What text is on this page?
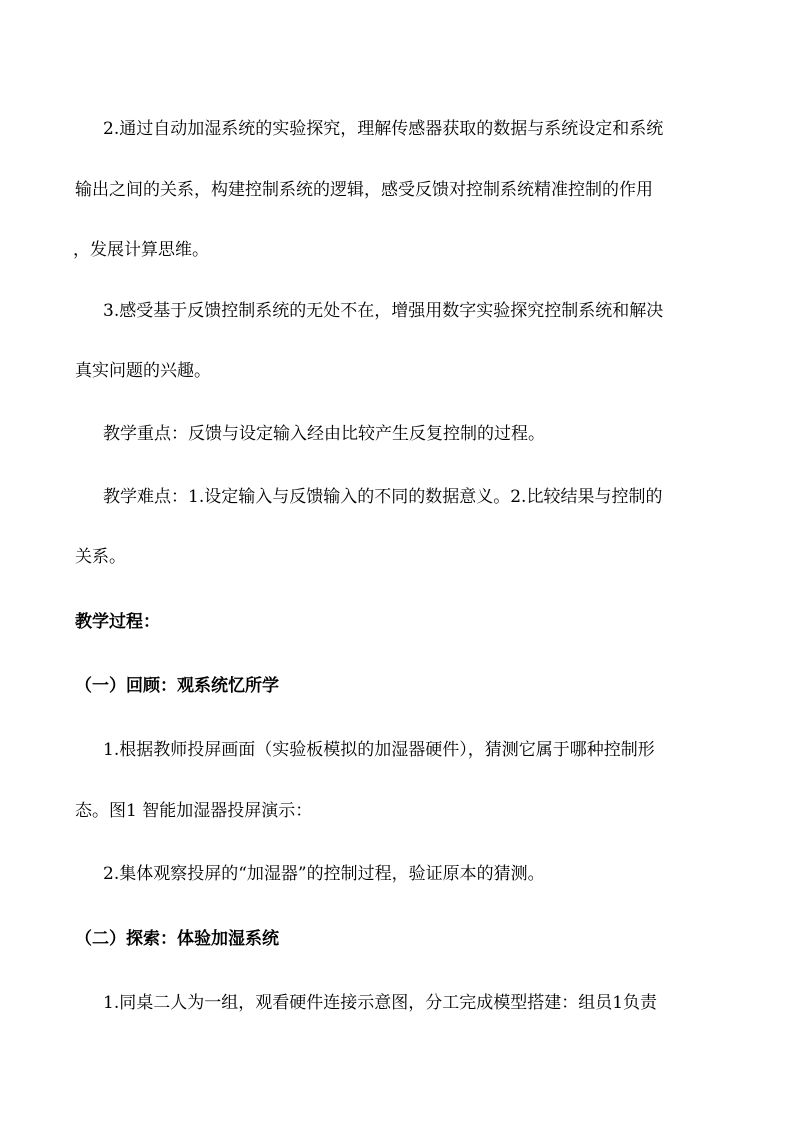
2.通过自动加湿系统的实验探究，理解传感器获取的数据与系统设定和系统

输出之间的关系，构建控制系统的逻辑，感受反馈对控制系统精准控制的作用

，发展计算思维。

3.感受基于反馈控制系统的无处不在，增强用数字实验探究控制系统和解决

真实问题的兴趣。

教学重点：反馈与设定输入经由比较产生反复控制的过程。

教学难点：1.设定输入与反馈输入的不同的数据意义。2.比较结果与控制的

关系。

教学过程：

（一）回顾：观系统忆所学

1.根据教师投屏画面（实验板模拟的加湿器硬件），猜测它属于哪种控制形

态。图1 智能加湿器投屏演示：

2.集体观察投屏的“加湿器”的控制过程，验证原本的猜测。

（二）探索：体验加湿系统

1.同桌二人为一组，观看硬件连接示意图，分工完成模型搭建：组员1负责
